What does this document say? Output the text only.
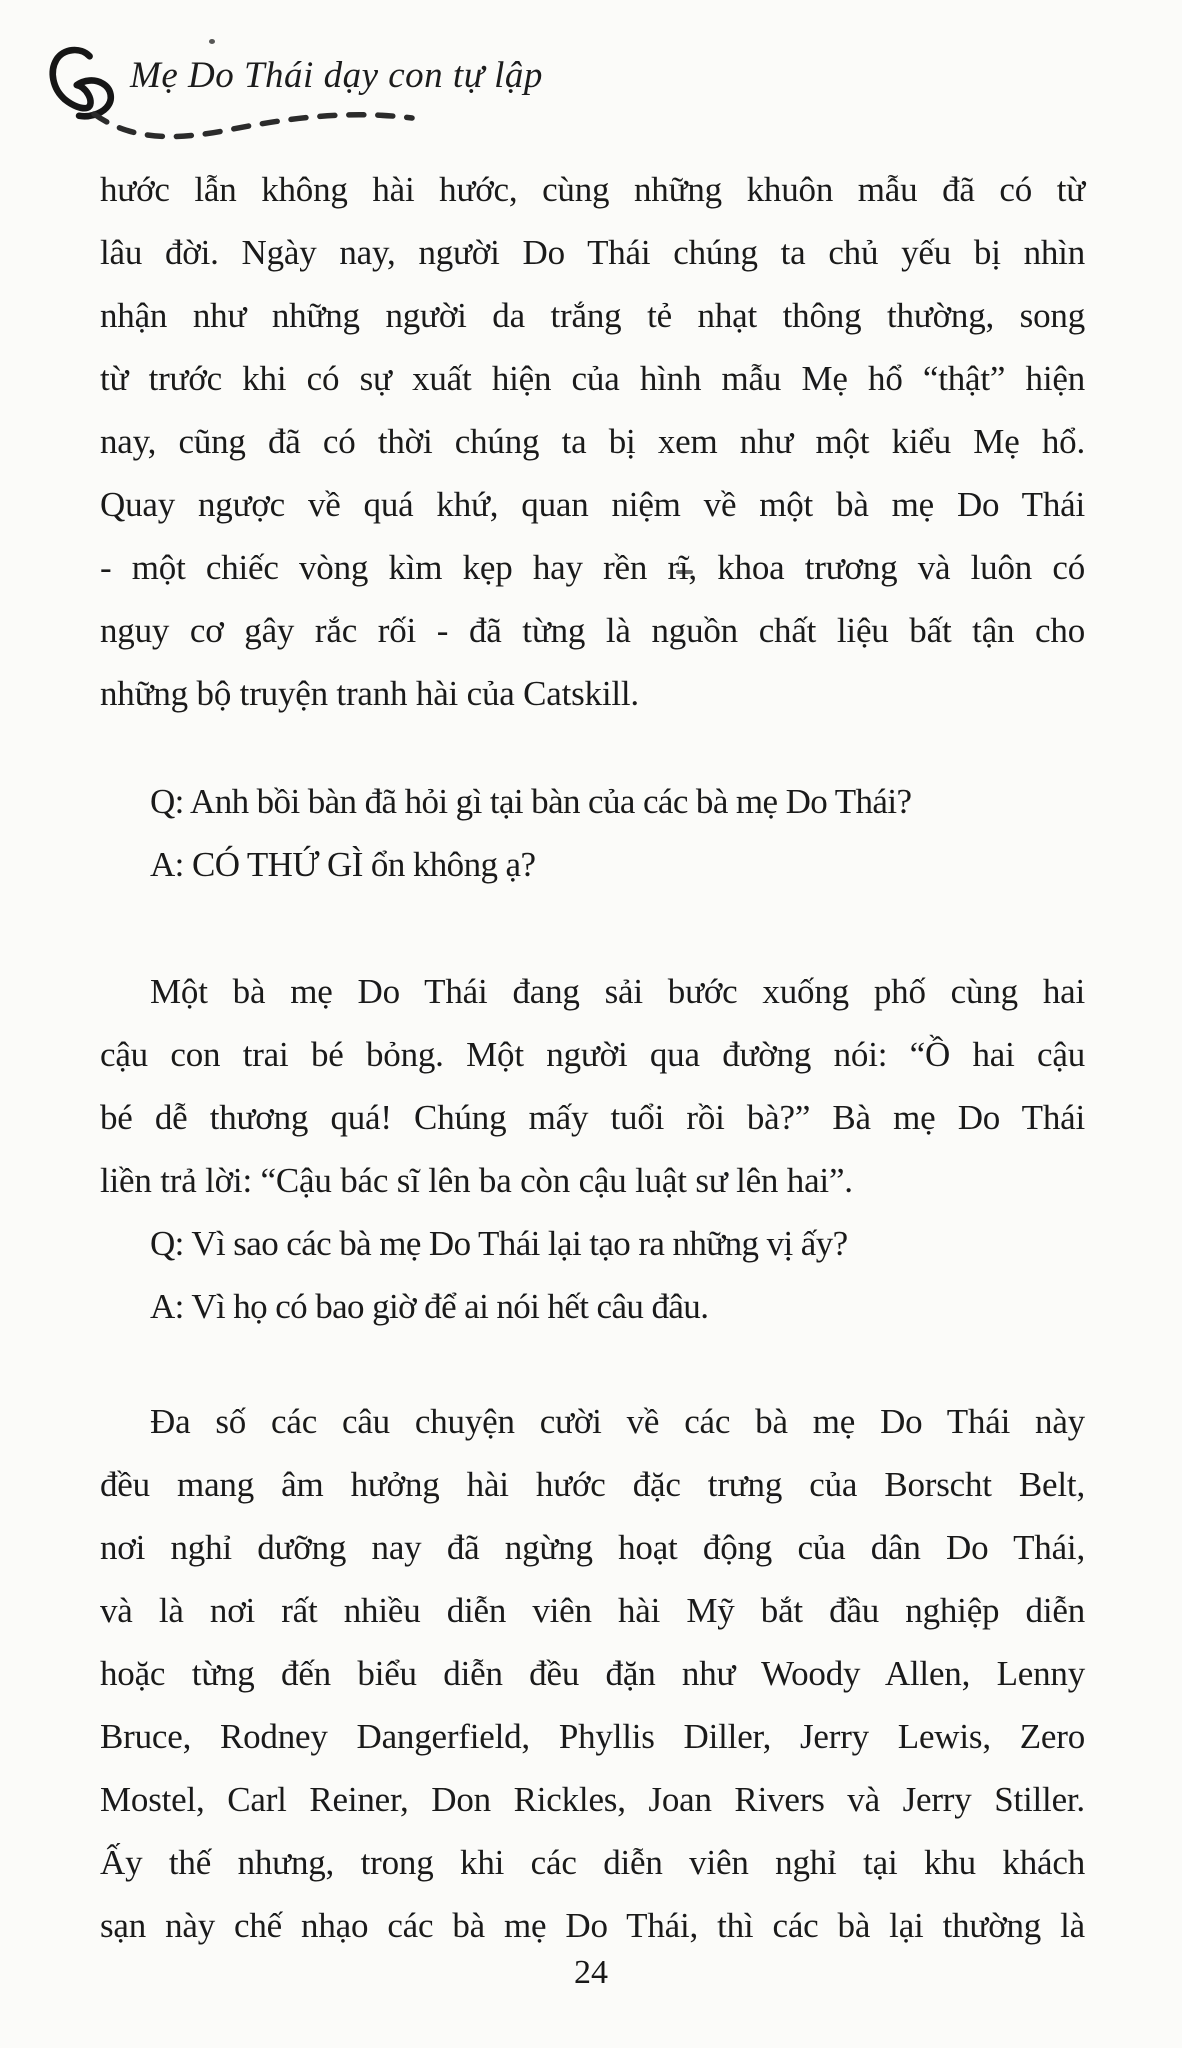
Mẹ Do Thái dạy con tự lập
hước lẫn không hài hước, cùng những khuôn mẫu đã có từ
lâu đời. Ngày nay, người Do Thái chúng ta chủ yếu bị nhìn
nhận như những người da trắng tẻ nhạt thông thường, song
từ trước khi có sự xuất hiện của hình mẫu Mẹ hổ “thật” hiện
nay, cũng đã có thời chúng ta bị xem như một kiểu Mẹ hổ.
Quay ngược về quá khứ, quan niệm về một bà mẹ Do Thái
- một chiếc vòng kìm kẹp hay rền rĩ, khoa trương và luôn có
nguy cơ gây rắc rối - đã từng là nguồn chất liệu bất tận cho
những bộ truyện tranh hài của Catskill.
Q: Anh bồi bàn đã hỏi gì tại bàn của các bà mẹ Do Thái?
A: CÓ THỨ GÌ ổn không ạ?
Một bà mẹ Do Thái đang sải bước xuống phố cùng hai
cậu con trai bé bỏng. Một người qua đường nói: “Ồ hai cậu
bé dễ thương quá! Chúng mấy tuổi rồi bà?” Bà mẹ Do Thái
liền trả lời: “Cậu bác sĩ lên ba còn cậu luật sư lên hai”.
Q: Vì sao các bà mẹ Do Thái lại tạo ra những vị ấy?
A: Vì họ có bao giờ để ai nói hết câu đâu.
Đa số các câu chuyện cười về các bà mẹ Do Thái này
đều mang âm hưởng hài hước đặc trưng của Borscht Belt,
nơi nghỉ dưỡng nay đã ngừng hoạt động của dân Do Thái,
và là nơi rất nhiều diễn viên hài Mỹ bắt đầu nghiệp diễn
hoặc từng đến biểu diễn đều đặn như Woody Allen, Lenny
Bruce, Rodney Dangerfield, Phyllis Diller, Jerry Lewis, Zero
Mostel, Carl Reiner, Don Rickles, Joan Rivers và Jerry Stiller.
Ấy thế nhưng, trong khi các diễn viên nghỉ tại khu khách
sạn này chế nhạo các bà mẹ Do Thái, thì các bà lại thường là
24
